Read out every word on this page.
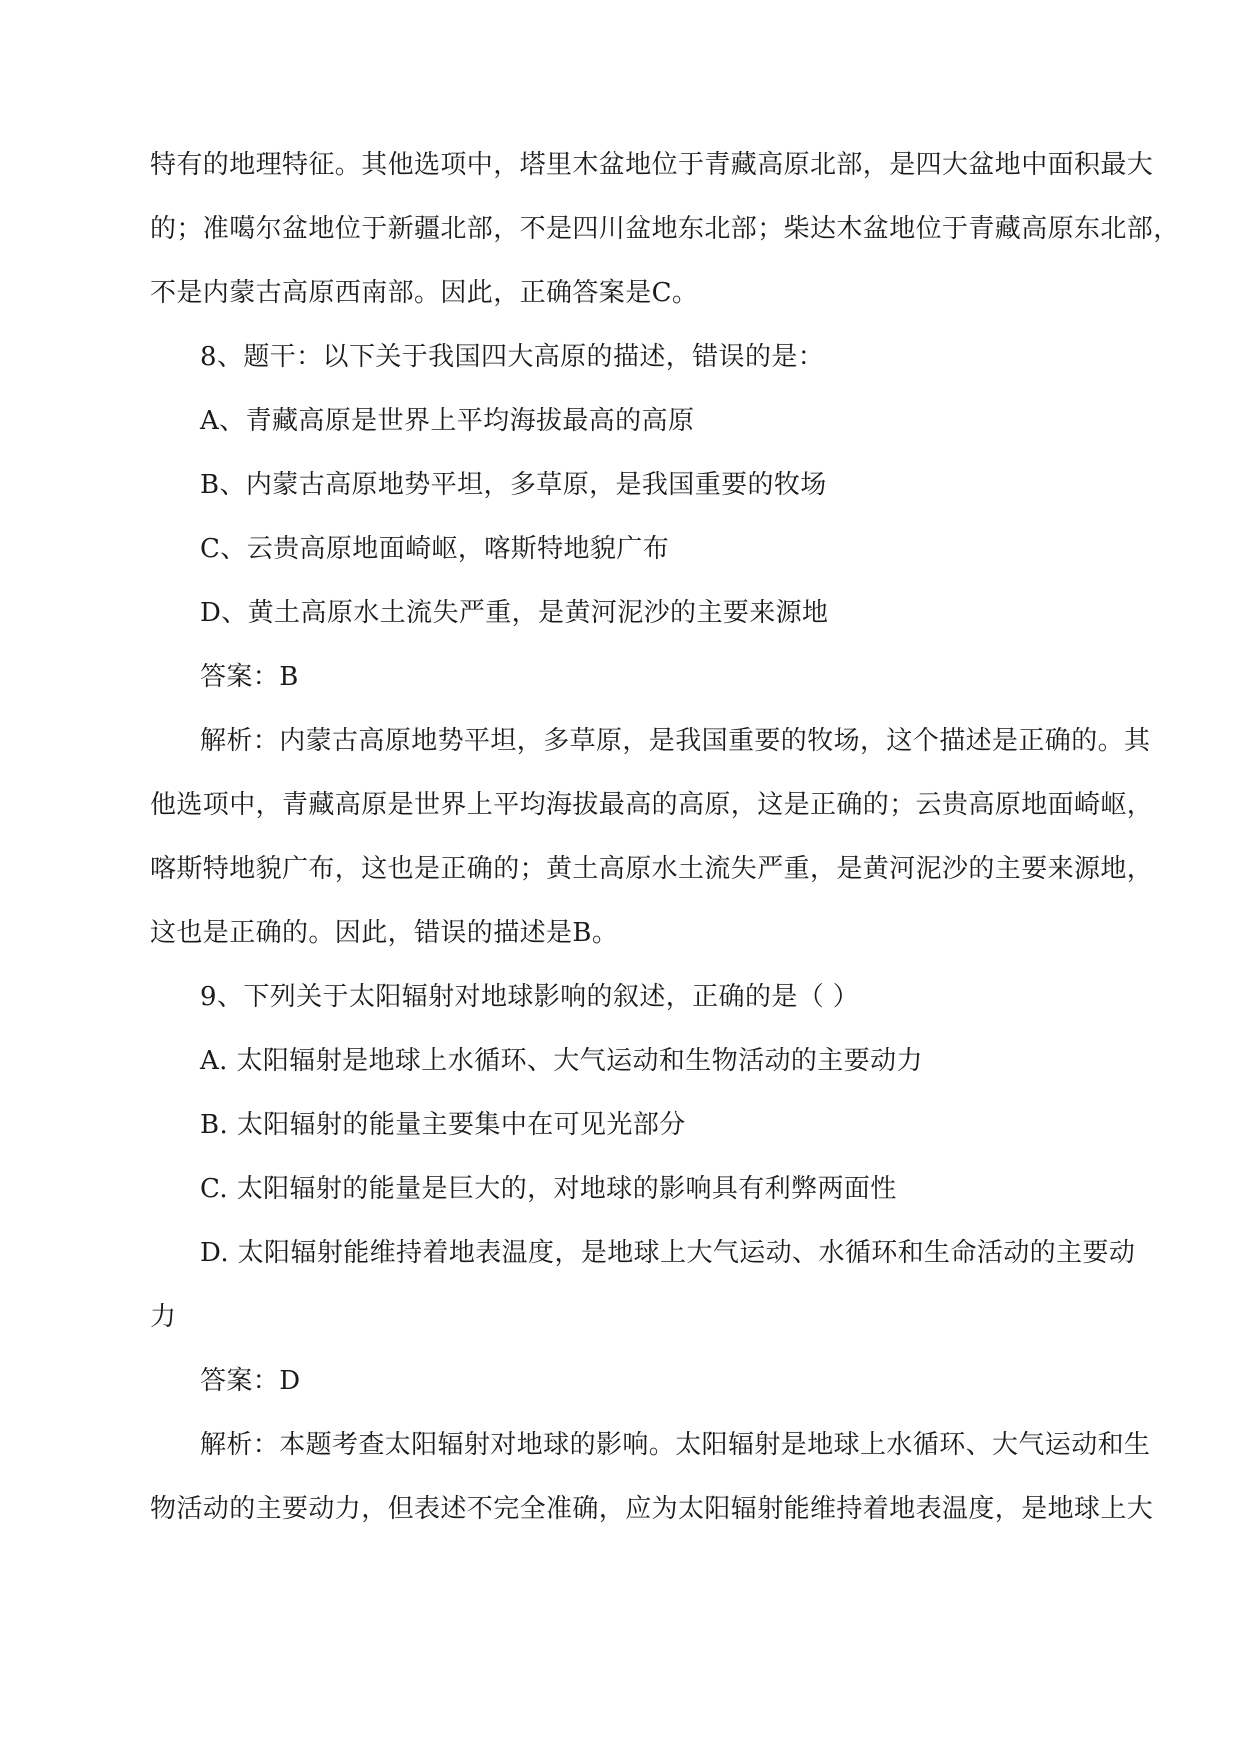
特有的地理特征。其他选项中，塔里木盆地位于青藏高原北部，是四大盆地中面积最大
的；准噶尔盆地位于新疆北部，不是四川盆地东北部；柴达木盆地位于青藏高原东北部，
不是内蒙古高原西南部。因此，正确答案是C。
8、题干：以下关于我国四大高原的描述，错误的是：
A、青藏高原是世界上平均海拔最高的高原
B、内蒙古高原地势平坦，多草原，是我国重要的牧场
C、云贵高原地面崎岖，喀斯特地貌广布
D、黄土高原水土流失严重，是黄河泥沙的主要来源地
答案：B
解析：内蒙古高原地势平坦，多草原，是我国重要的牧场，这个描述是正确的。其
他选项中，青藏高原是世界上平均海拔最高的高原，这是正确的；云贵高原地面崎岖，
喀斯特地貌广布，这也是正确的；黄土高原水土流失严重，是黄河泥沙的主要来源地，
这也是正确的。因此，错误的描述是B。
9、下列关于太阳辐射对地球影响的叙述，正确的是（ ）
A. 太阳辐射是地球上水循环、大气运动和生物活动的主要动力
B. 太阳辐射的能量主要集中在可见光部分
C. 太阳辐射的能量是巨大的，对地球的影响具有利弊两面性
D. 太阳辐射能维持着地表温度，是地球上大气运动、水循环和生命活动的主要动
力
答案：D
解析：本题考查太阳辐射对地球的影响。太阳辐射是地球上水循环、大气运动和生
物活动的主要动力，但表述不完全准确，应为太阳辐射能维持着地表温度，是地球上大
